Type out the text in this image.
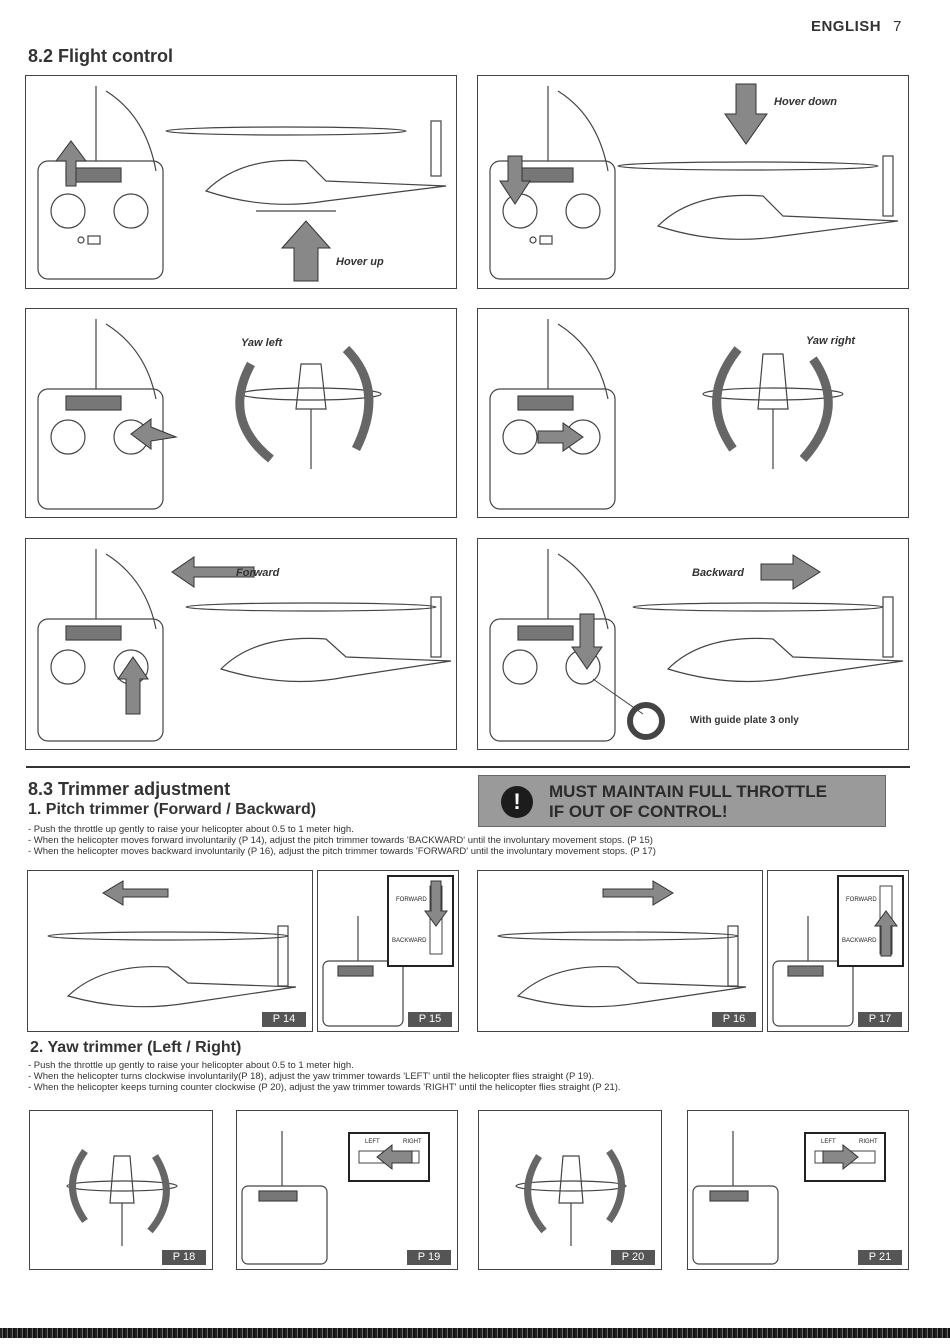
ENGLISH 7
8.2 Flight control
Hover up
Hover down
Yaw left	Yaw right
Forward	Backward
With guide plate 3 only
8.3 Trimmer adjustment
1. Pitch trimmer (Forward / Backward)	!	MUST MAINTAIN FULL THROTTLE
IF OUT OF CONTROL!
- Push the throttle up gently to raise your helicopter about 0.5 to 1 meter high.
- When the helicopter moves forward involuntarily (P 14), adjust the pitch trimmer towards 'BACKWARD' until the involuntary movement stops. (P 15)
- When the helicopter moves backward involuntarily (P 16), adjust the pitch trimmer towards 'FORWARD' until the involuntary movement stops. (P 17)
P 14
FORWARD
BACKWARD
P 15	P 16
FORWARD
BACKWARD
P 17
2. Yaw trimmer (Left / Right)
- Push the throttle up gently to raise your helicopter about 0.5 to 1 meter high.
- When the helicopter turns clockwise involuntarily(P 18), adjust the yaw trimmer towards 'LEFT' until the helicopter flies straight (P 19).
- When the helicopter keeps turning counter clockwise (P 20), adjust the yaw trimmer towards 'RIGHT' until the helicopter flies straight (P 21).
P 18
LEFT	RIGHT
P 19	P 20
LEFT	RIGHT
P 21
